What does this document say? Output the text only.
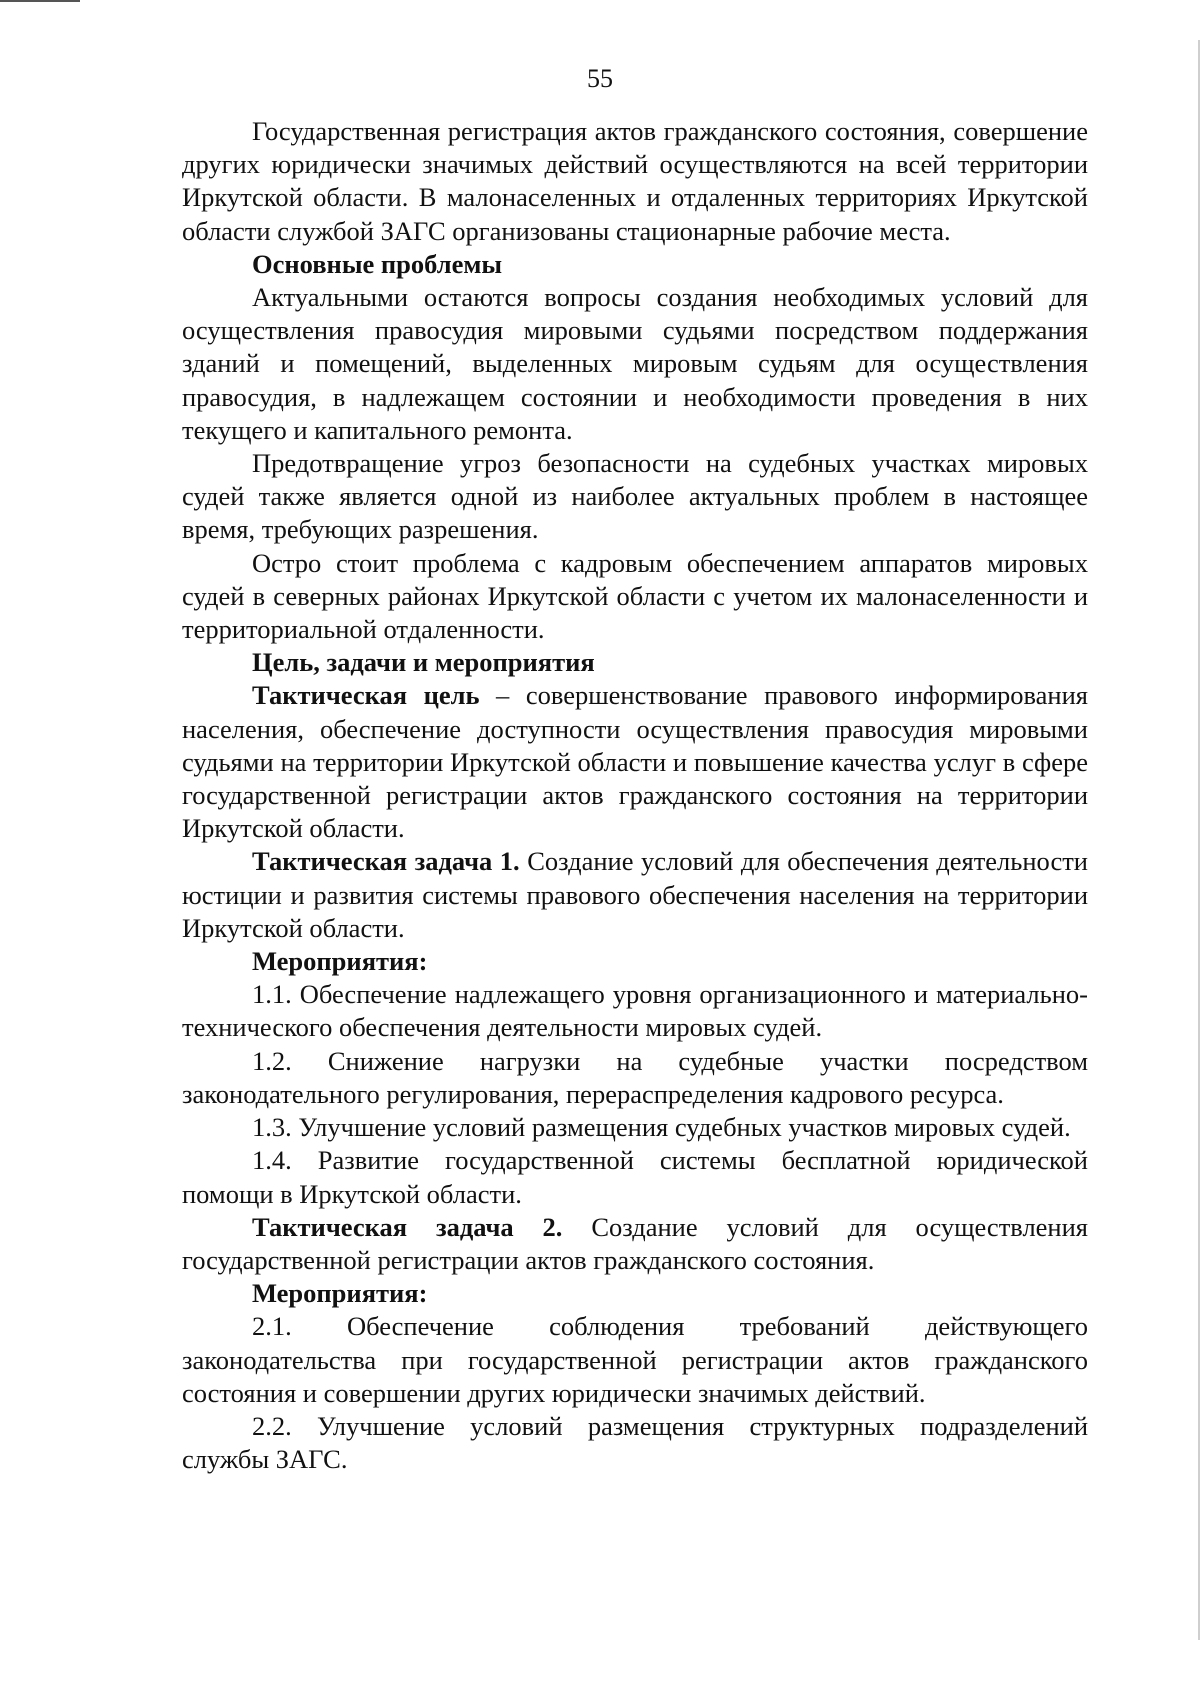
55

Государственная регистрация актов гражданского состояния, совершение других юридически значимых действий осуществляются на всей территории Иркутской области. В малонаселенных и отдаленных территориях Иркутской области службой ЗАГС организованы стационарные рабочие места.

Основные проблемы

Актуальными остаются вопросы создания необходимых условий для осуществления правосудия мировыми судьями посредством поддержания зданий и помещений, выделенных мировым судьям для осуществления правосудия, в надлежащем состоянии и необходимости проведения в них текущего и капитального ремонта.

Предотвращение угроз безопасности на судебных участках мировых судей также является одной из наиболее актуальных проблем в настоящее время, требующих разрешения.

Остро стоит проблема с кадровым обеспечением аппаратов мировых судей в северных районах Иркутской области с учетом их малонаселенности и территориальной отдаленности.

Цель, задачи и мероприятия

Тактическая цель – совершенствование правового информирования населения, обеспечение доступности осуществления правосудия мировыми судьями на территории Иркутской области и повышение качества услуг в сфере государственной регистрации актов гражданского состояния на территории Иркутской области.

Тактическая задача 1. Создание условий для обеспечения деятельности юстиции и развития системы правового обеспечения населения на территории Иркутской области.

Мероприятия:

1.1. Обеспечение надлежащего уровня организационного и материально-технического обеспечения деятельности мировых судей.

1.2. Снижение нагрузки на судебные участки посредством законодательного регулирования, перераспределения кадрового ресурса.

1.3. Улучшение условий размещения судебных участков мировых судей.

1.4. Развитие государственной системы бесплатной юридической помощи в Иркутской области.

Тактическая задача 2. Создание условий для осуществления государственной регистрации актов гражданского состояния.

Мероприятия:

2.1. Обеспечение соблюдения требований действующего законодательства при государственной регистрации актов гражданского состояния и совершении других юридически значимых действий.

2.2. Улучшение условий размещения структурных подразделений службы ЗАГС.
